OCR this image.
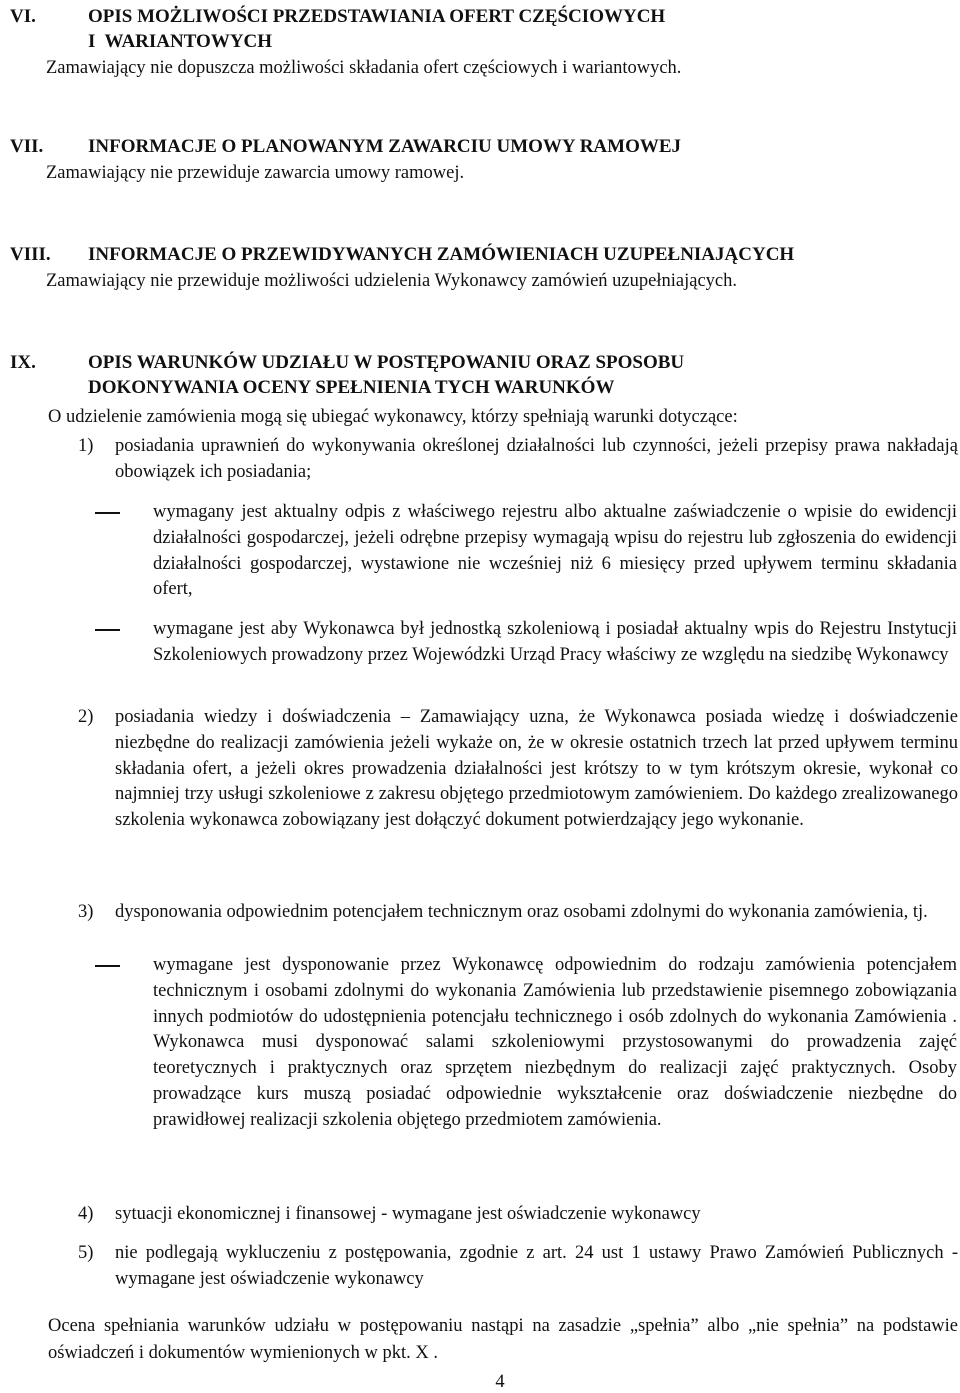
VI.	OPIS MOŻLIWOŚCI PRZEDSTAWIANIA OFERT CZĘŚCIOWYCH
I  WARIANTOWYCH
Zamawiający nie dopuszcza możliwości składania ofert częściowych i wariantowych.
VII.	INFORMACJE O PLANOWANYM ZAWARCIU UMOWY RAMOWEJ
Zamawiający nie przewiduje zawarcia umowy ramowej.
VIII.	INFORMACJE O PRZEWIDYWANYCH ZAMÓWIENIACH UZUPEŁNIAJĄCYCH
Zamawiający nie przewiduje możliwości udzielenia Wykonawcy zamówień uzupełniających.
IX.	OPIS WARUNKÓW UDZIAŁU W POSTĘPOWANIU ORAZ SPOSOBU
DOKONYWANIA OCENY SPEŁNIENIA TYCH WARUNKÓW
O udzielenie zamówienia mogą się ubiegać wykonawcy, którzy spełniają warunki dotyczące:
1)	posiadania uprawnień do wykonywania określonej działalności lub czynności, jeżeli przepisy prawa nakładają obowiązek ich posiadania;
wymagany jest aktualny odpis z właściwego rejestru albo aktualne zaświadczenie o wpisie do ewidencji działalności gospodarczej, jeżeli odrębne przepisy wymagają wpisu do rejestru lub zgłoszenia do ewidencji działalności gospodarczej, wystawione nie wcześniej niż 6 miesięcy przed upływem terminu składania ofert,
wymagane jest aby Wykonawca był jednostką szkoleniową i posiadał aktualny wpis do Rejestru Instytucji Szkoleniowych prowadzony przez Wojewódzki Urząd Pracy właściwy ze względu na siedzibę Wykonawcy
2)	posiadania wiedzy i doświadczenia – Zamawiający uzna, że Wykonawca posiada wiedzę i doświadczenie niezbędne do realizacji zamówienia jeżeli wykaże on, że w okresie ostatnich trzech lat przed upływem terminu składania ofert, a jeżeli okres prowadzenia działalności jest krótszy to w tym krótszym okresie, wykonał co najmniej trzy usługi szkoleniowe z zakresu objętego przedmiotowym zamówieniem. Do każdego zrealizowanego szkolenia wykonawca zobowiązany jest dołączyć dokument potwierdzający jego wykonanie.
3)	dysponowania odpowiednim potencjałem technicznym oraz osobami zdolnymi do wykonania zamówienia, tj.
wymagane jest dysponowanie przez Wykonawcę odpowiednim do rodzaju zamówienia potencjałem technicznym i osobami zdolnymi do wykonania Zamówienia lub przedstawienie pisemnego zobowiązania innych podmiotów do udostępnienia potencjału technicznego i osób zdolnych do wykonania Zamówienia . Wykonawca musi dysponować salami szkoleniowymi przystosowanymi do prowadzenia zajęć teoretycznych i praktycznych oraz sprzętem niezbędnym do realizacji zajęć praktycznych. Osoby prowadzące kurs muszą posiadać odpowiednie wykształcenie oraz doświadczenie niezbędne do prawidłowej realizacji szkolenia objętego przedmiotem zamówienia.
4)	sytuacji ekonomicznej i finansowej - wymagane jest oświadczenie wykonawcy
5)	nie podlegają wykluczeniu z postępowania, zgodnie z art. 24 ust 1 ustawy Prawo Zamówień Publicznych - wymagane jest oświadczenie wykonawcy
Ocena spełniania warunków udziału w postępowaniu nastąpi na zasadzie „spełnia” albo „nie spełnia” na podstawie oświadczeń i dokumentów wymienionych w pkt. X .
4
